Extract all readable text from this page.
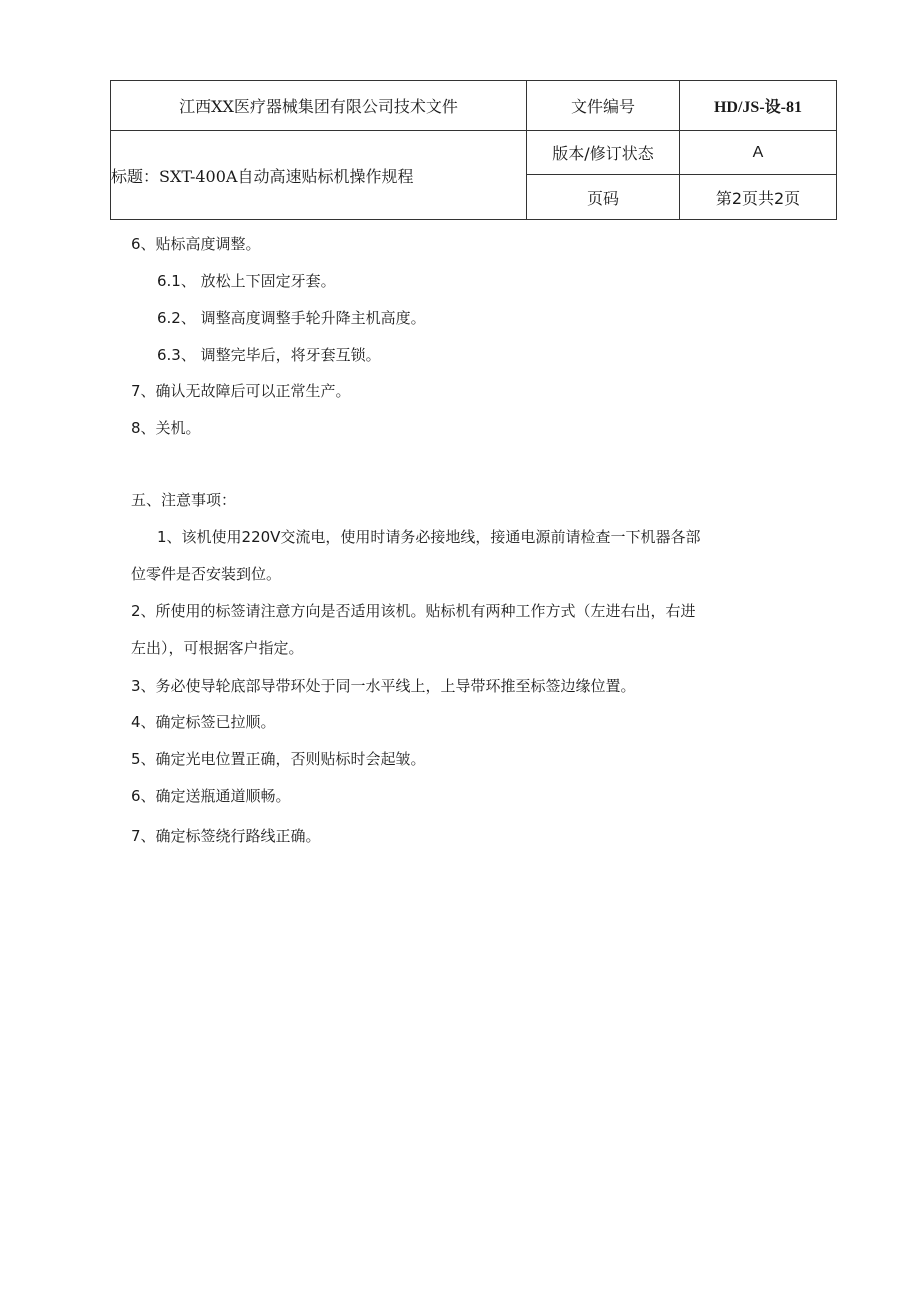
江西XX医疗器械集团有限公司技术文件	文件编号	HD/JS-设-81
标题：SXT-400A自动高速贴标机操作规程	版本/修订状态	A
	页码	第2页共2页
6、贴标高度调整。
6.1、 放松上下固定牙套。
6.2、 调整高度调整手轮升降主机高度。
6.3、 调整完毕后，将牙套互锁。
7、确认无故障后可以正常生产。
8、关机。
五、注意事项：
1、该机使用220V交流电，使用时请务必接地线，接通电源前请检查一下机器各部
位零件是否安装到位。
2、所使用的标签请注意方向是否适用该机。贴标机有两种工作方式（左进右出，右进
左出），可根据客户指定。
3、务必使导轮底部导带环处于同一水平线上，上导带环推至标签边缘位置。
4、确定标签已拉顺。
5、确定光电位置正确，否则贴标时会起皱。
6、确定送瓶通道顺畅。
7、确定标签绕行路线正确。
